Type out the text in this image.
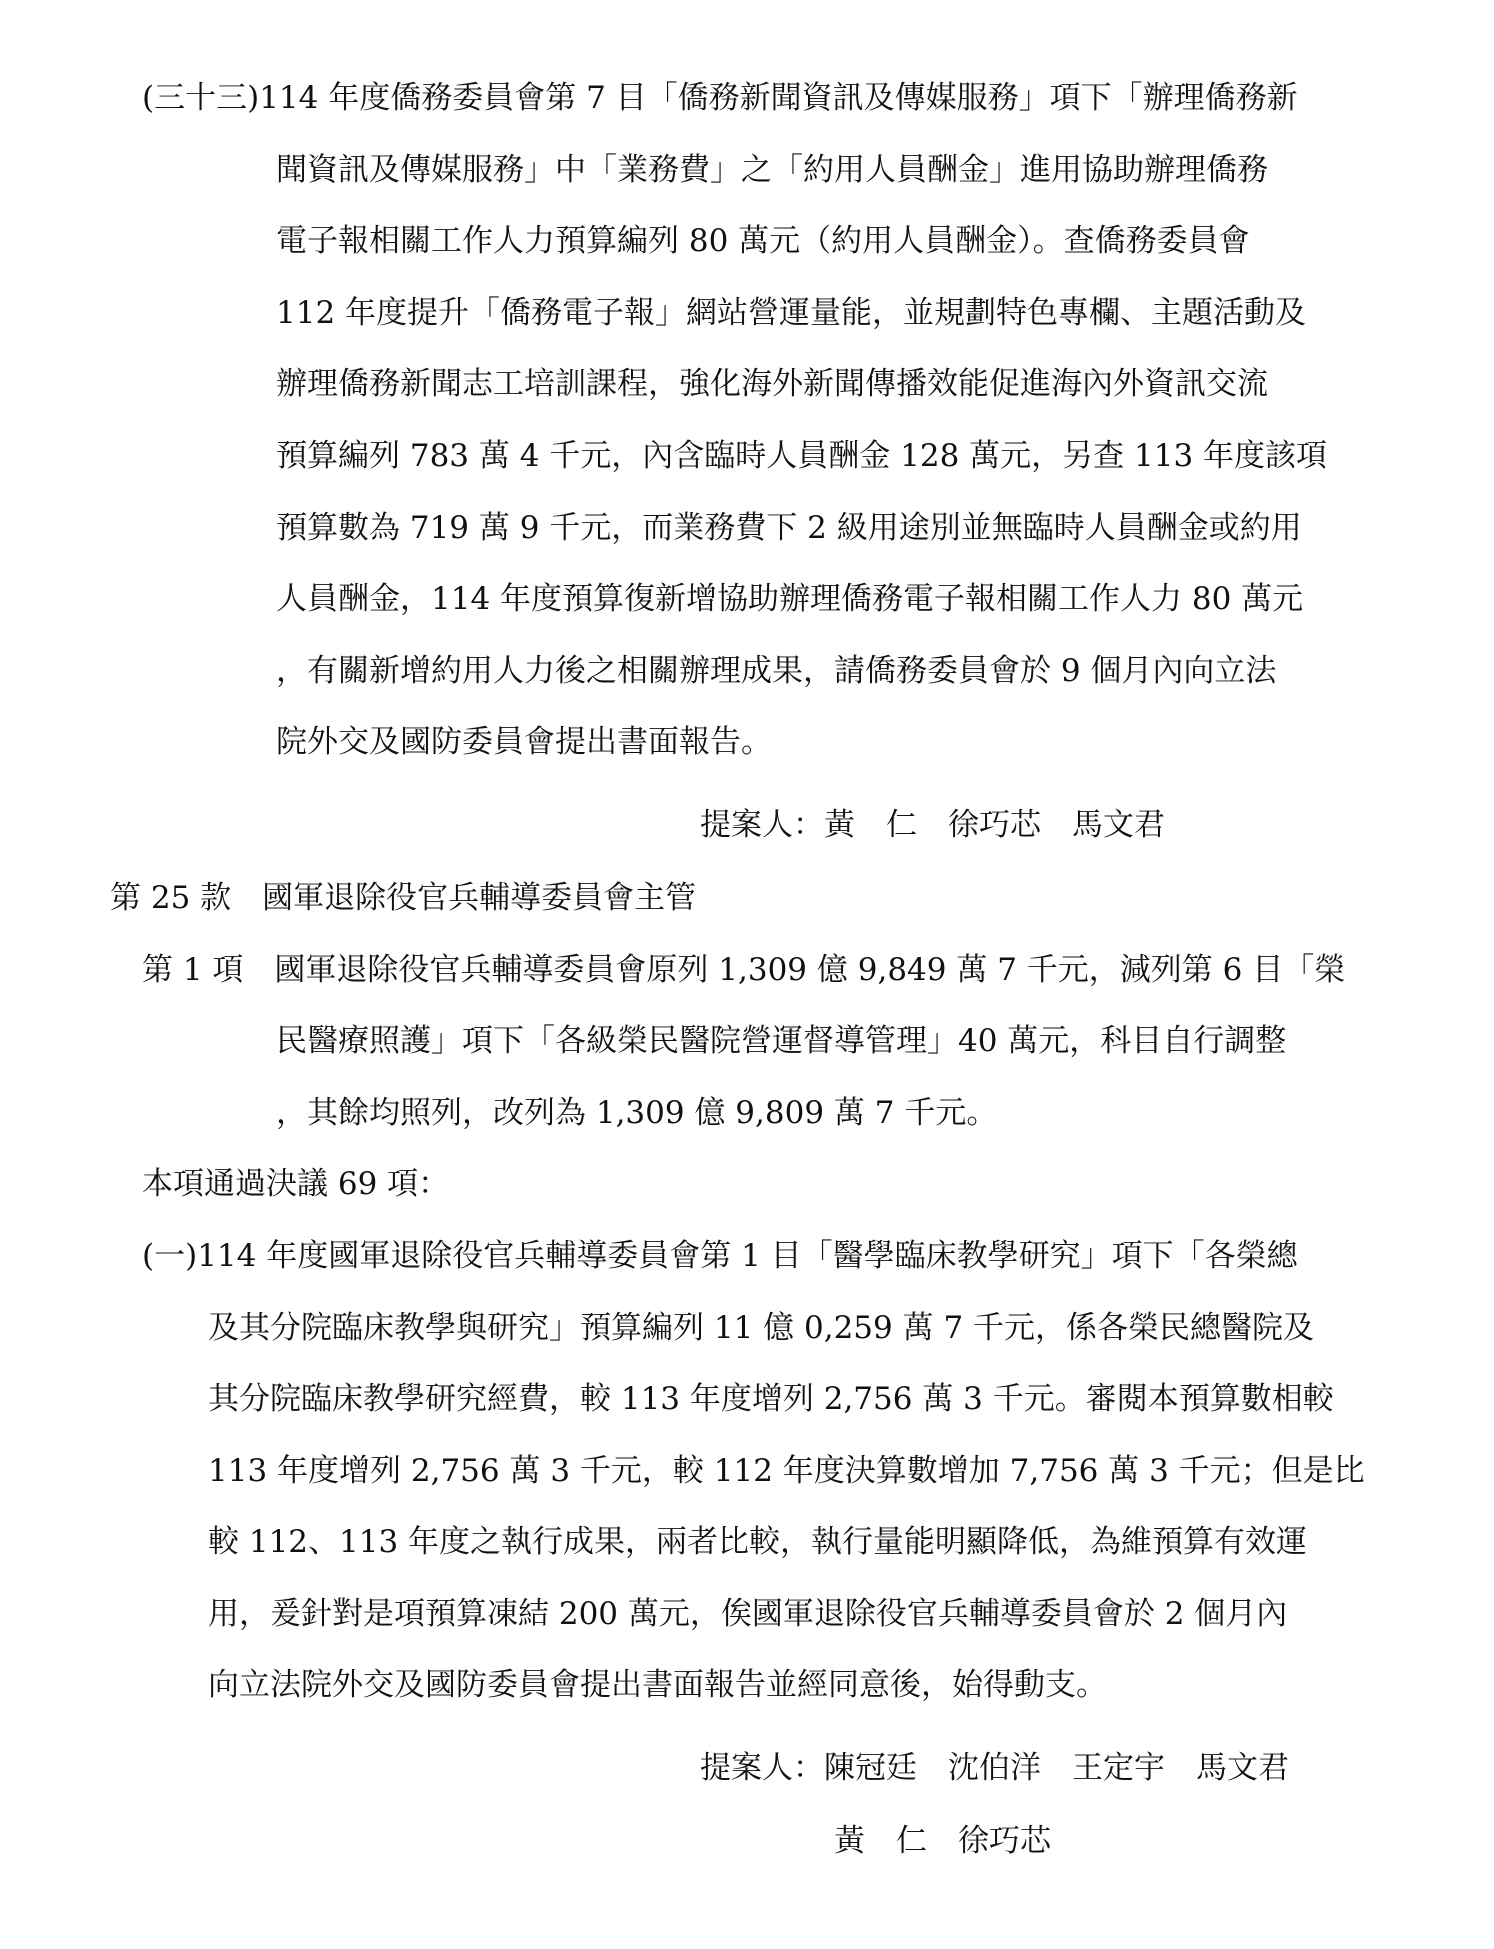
(三十三)114 年度僑務委員會第 7 目「僑務新聞資訊及傳媒服務」項下「辦理僑務新
聞資訊及傳媒服務」中「業務費」之「約用人員酬金」進用協助辦理僑務
電子報相關工作人力預算編列 80 萬元（約用人員酬金）。查僑務委員會
112 年度提升「僑務電子報」網站營運量能，並規劃特色專欄、主題活動及
辦理僑務新聞志工培訓課程，強化海外新聞傳播效能促進海內外資訊交流
預算編列 783 萬 4 千元，內含臨時人員酬金 128 萬元，另查 113 年度該項
預算數為 719 萬 9 千元，而業務費下 2 級用途別並無臨時人員酬金或約用
人員酬金，114 年度預算復新增協助辦理僑務電子報相關工作人力 80 萬元
，有關新增約用人力後之相關辦理成果，請僑務委員會於 9 個月內向立法
院外交及國防委員會提出書面報告。
提案人：黃　仁　徐巧芯　馬文君
第 25 款　國軍退除役官兵輔導委員會主管
第 1 項　國軍退除役官兵輔導委員會原列 1,309 億 9,849 萬 7 千元，減列第 6 目「榮
民醫療照護」項下「各級榮民醫院營運督導管理」40 萬元，科目自行調整
，其餘均照列，改列為 1,309 億 9,809 萬 7 千元。
本項通過決議 69 項：
(一)114 年度國軍退除役官兵輔導委員會第 1 目「醫學臨床教學研究」項下「各榮總
及其分院臨床教學與研究」預算編列 11 億 0,259 萬 7 千元，係各榮民總醫院及
其分院臨床教學研究經費，較 113 年度增列 2,756 萬 3 千元。審閱本預算數相較
113 年度增列 2,756 萬 3 千元，較 112 年度決算數增加 7,756 萬 3 千元；但是比
較 112、113 年度之執行成果，兩者比較，執行量能明顯降低，為維預算有效運
用，爰針對是項預算凍結 200 萬元，俟國軍退除役官兵輔導委員會於 2 個月內
向立法院外交及國防委員會提出書面報告並經同意後，始得動支。
提案人：陳冠廷　沈伯洋　王定宇　馬文君
黃　仁　徐巧芯
